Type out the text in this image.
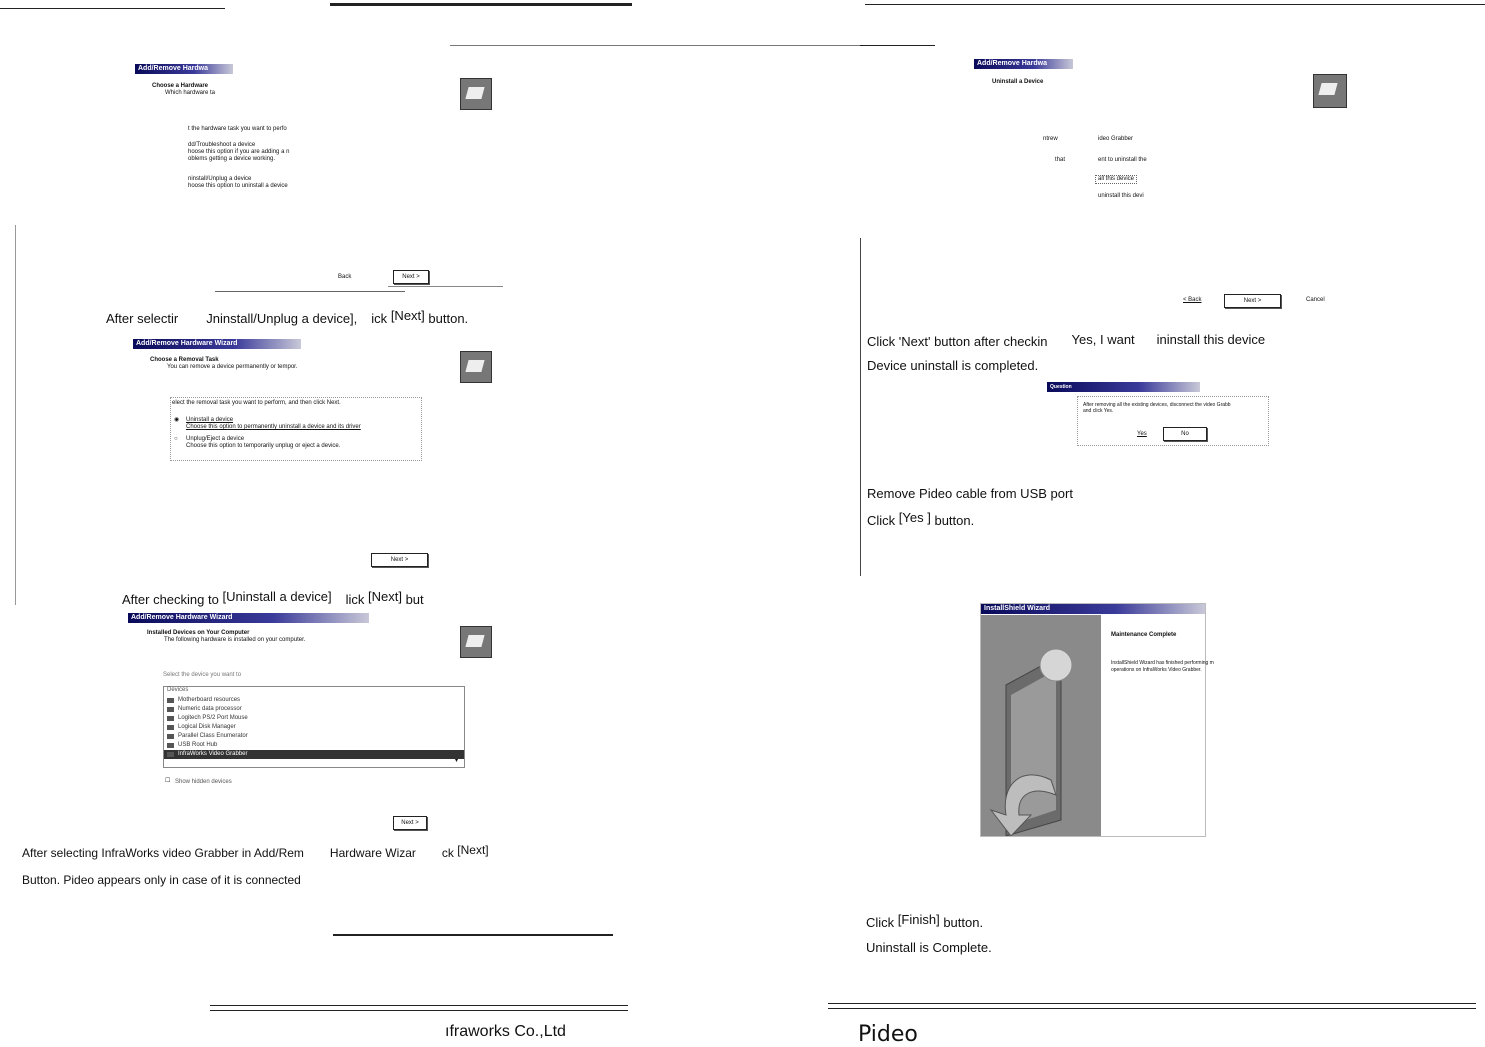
Add/Remove Hardwa
Choose a Hardware
Which hardware ta
t the hardware task you want to perfo
dd/Troubleshoot a device
hoose this option if you are adding a n
oblems getting a device working.
ninstall/Unplug a device
hoose this option to uninstall a device
Back	Next >
After selectir Jninstall/Unplug a device], ick [Next] button.
Add/Remove Hardware Wizard
Choose a Removal Task
You can remove a device permanently or tempor.
elect the removal task you want to perform, and then click Next.
◉ Uninstall a device
Choose this option to permanently uninstall a device and its driver
○ Unplug/Eject a device
Choose this option to temporarily unplug or eject a device.
Next >
After checking to [Uninstall a device] lick [Next] but
Add/Remove Hardware Wizard
Installed Devices on Your Computer
The following hardware is installed on your computer.
Select the device you want to
Devices
Motherboard resources
Numeric data processor
Logitech PS/2 Port Mouse
Logical Disk Manager
Parallel Class Enumerator
USB Root Hub
InfraWorks Video Grabber
▾
☐ Show hidden devices
Next >
After selecting InfraWorks video Grabber in Add/Rem Hardware Wizar ck [Next]
Button. Pideo appears only in case of it is connected
Add/Remove Hardwa
Uninstall a Device
ntrew	ideo Grabber
that	ent to uninstall the
all this device
uninstall this devi
< Back	Next >	Cancel
Click 'Next' button after checkin Yes, I want ininstall this device
Device uninstall is completed.
Question
After removing all the existing devices, disconnect the video Grabb
and click Yes.
Yes	No
Remove Pideo cable from USB port
Click [Yes ] button.
InstallShield Wizard
Maintenance Complete
InstallShield Wizard has finished performing m
operations on InfraWorks Video Grabber.
Click [Finish] button.
Uninstall is Complete.
ıfraworks Co.,Ltd	Pideo
